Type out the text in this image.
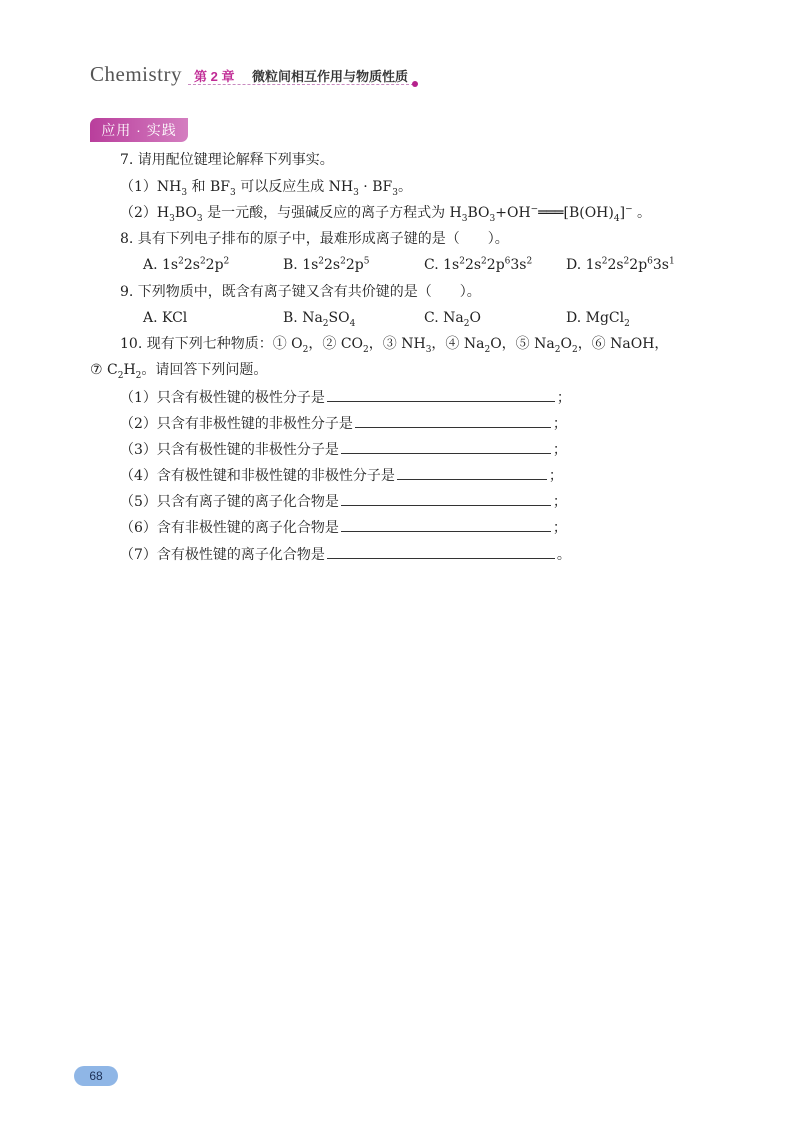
Chemistry 第 2 章 微粒间相互作用与物质性质
应用 · 实践
7. 请用配位键理论解释下列事实。
$(1)NH_3$ 和 $BF_3$ 可以反应生成 $NH_3 \cdot BF_3$。
$(2)H_3BO_3$ 是一元酸，与强碱反应的离子方程式为 $H_3BO_3+OH^-═══[B(OH)_4]^-$ 。
8. 具有下列电子排布的原子中，最难形成离子键的是（　　）。
A. $1s^22s^22p^2$	B. $1s^22s^22p^5$	C. $1s^22s^22p^63s^2$ D. $1s^22s^22p^63s^1$
9. 下列物质中，既含有离子键又含有共价键的是（　　）。
A. KCl	B. $Na_2SO_4$	C. $Na_2O$	D. MgCl$_2$
10. 现有下列七种物质：① $O_2$，② $CO_2$，③ $NH_3$，④ $Na_2O$，⑤ $Na_2O_2$，⑥ NaOH，
⑦ $C_2H_2$。请回答下列问题。
（1）只含有极性键的极性分子是	；
（2）只含有非极性键的非极性分子是	；
（3）只含有极性键的非极性分子是	；
（4）含有极性键和非极性键的非极性分子是	；
（5）只含有离子键的离子化合物是	；
（6）含有非极性键的离子化合物是	；
（7）含有极性键的离子化合物是	。
68
